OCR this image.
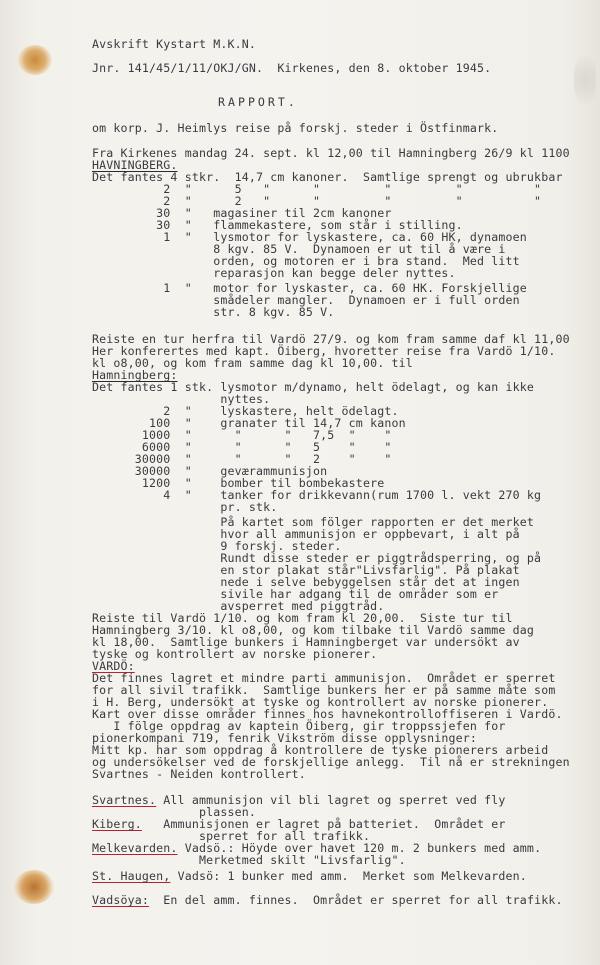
Avskrift Kystart M.K.N.

Jnr. 141/45/1/11/OKJ/GN.  Kirkenes, den 8. oktober 1945.

RAPPORT.

om korp. J. Heimlys reise på forskj. steder i Östfinmark.

Fra Kirkenes mandag 24. sept. kl 12,00 til Hamningberg 26/9 kl 1100

HAVNINGBERG.

Det fantes 4 stkr.  14,7 cm kanoner.  Samtlige sprengt og ubrukbar

2  "      5   "      "         "         "          "

2  "      2   "      "         "         "          "

30  "   magasiner til 2cm kanoner

30  "   flammekastere, som står i stilling.

1  "   lysmotor for lyskastere, ca. 60 HK, dynamoen

8 kgv. 85 V.  Dynamoen er ut til å være i

orden, og motoren er i bra stand.  Med litt

reparasjon kan begge deler nyttes.

1  "   motor for lyskaster, ca. 60 HK. Forskjellige

smådeler mangler.  Dynamoen er i full orden

str. 8 kgv. 85 V.

Reiste en tur herfra til Vardö 27/9. og kom fram samme daf kl 11,00

Her konferertes med kapt. Öiberg, hvoretter reise fra Vardö 1/10.

kl o8,00, og kom fram samme dag kl 10,00. til

Hamningberg:

Det fantes 1 stk. lysmotor m/dynamo, helt ödelagt, og kan ikke

nyttes.

2  "    lyskastere, helt ödelagt.

100  "    granater til 14,7 cm kanon

1000  "      "      "   7,5  "    "

6000  "      "      "   5    "    "

30000  "      "      "   2    "    "

30000  "    geværammunisjon

1200  "    bomber til bombekastere

4  "    tanker for drikkevann(rum 1700 l. vekt 270 kg

pr. stk.

På kartet som fölger rapporten er det merket

hvor all ammunisjon er oppbevart, i alt på

9 forskj. steder.

Rundt disse steder er piggtrådsperring, og på

en stor plakat står"Livsfarlig". På plakat

nede i selve bebyggelsen står det at ingen

sivile har adgang til de områder som er

avsperret med piggtråd.

Reiste til Vardö 1/10. og kom fram kl 20,00.  Siste tur til

Hamningberg 3/10. kl o8,00, og kom tilbake til Vardö samme dag

kl 18,00.  Samtlige bunkers i Hamningberget var undersökt av

tyske og kontrollert av norske pionerer.

VARDÖ:

Det finnes lagret et mindre parti ammunisjon.  Området er sperret

for all sivil trafikk.  Samtlige bunkers her er på samme måte som

i H. Berg, undersökt at tyske og kontrollert av norske pionerer.

Kart over disse områder finnes hos havnekontrolloffiseren i Vardö.

I fölge oppdrag av kaptein Öiberg, gir troppssjefen for

pionerkompani 719, fenrik Vikström disse opplysninger:

Mitt kp. har som oppdrag å kontrollere de tyske pionerers arbeid

og undersökelser ved de forskjellige anlegg.  Til nå er strekningen

Svartnes - Neiden kontrollert.

Svartnes. All ammunisjon vil bli lagret og sperret ved fly

plassen.

Kiberg.   Ammunisjonen er lagret på batteriet.  Området er

sperret for all trafikk.

Melkevarden. Vadsö.: Höyde over havet 120 m. 2 bunkers med amm.

Merketmed skilt "Livsfarlig".

St. Haugen, Vadsö: 1 bunker med amm.  Merket som Melkevarden.

Vadsöya:  En del amm. finnes.  Området er sperret for all trafikk.
